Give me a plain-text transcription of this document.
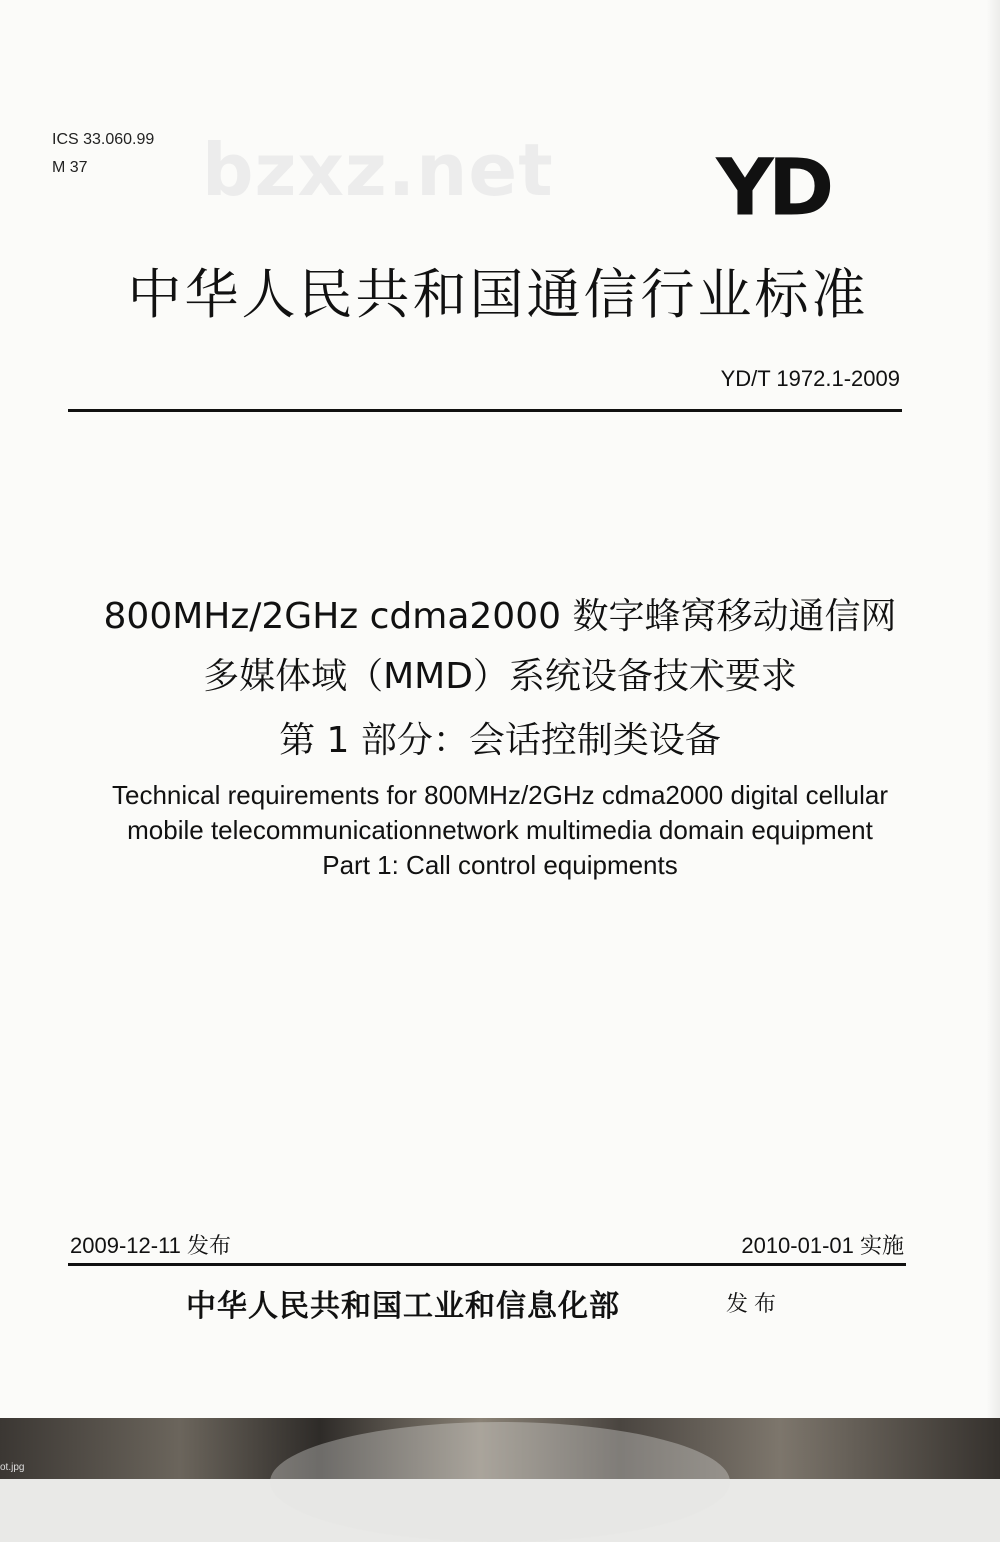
ICS 33.060.99
M 37	bzxz.net YD
中华人民共和国通信行业标准
YD/T 1972.1-2009
800MHz/2GHz cdma2000 数字蜂窝移动通信网
多媒体域（MMD）系统设备技术要求
第 1 部分：会话控制类设备
Technical requirements for 800MHz/2GHz cdma2000 digital cellular
mobile telecommunicationnetwork multimedia domain equipment
Part 1: Call control equipments
2009-12-11 发布	2010-01-01 实施
中华人民共和国工业和信息化部	发布
ot.jpg
